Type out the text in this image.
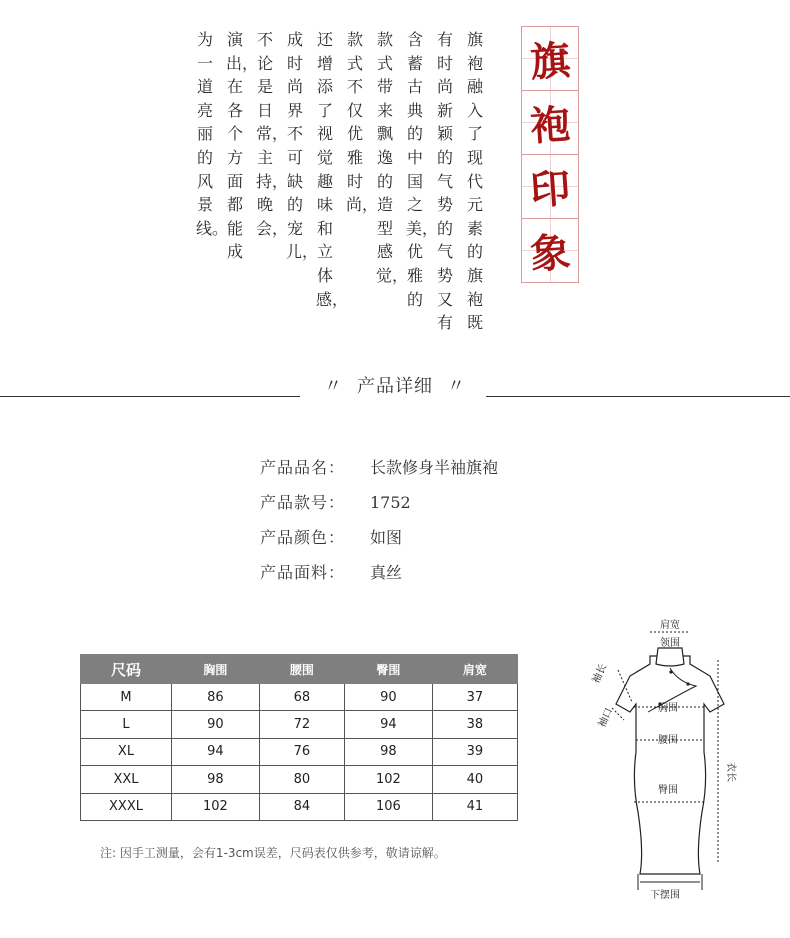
旗袍融入了现代元素的旗袍既
有时尚新颖的气势的气势又有
含蓄古典的中国之美，优雅的
款式带来飘逸的造型感觉，
款式不仅优雅时尚，
还增添了视觉趣味和立体感，
成时尚界不可缺的宠儿，
不论是日常，主持，晚会，
演出，在各个方面都能成
为一道亮丽的风景线。
旗
袍
印
象
〃 产品详细 〃
产品品名： 长款修身半袖旗袍
产品款号： 1752
产品颜色： 如图
产品面料： 真丝
尺码	胸围	腰围	臀围	肩宽
M	86	68	90	37
L	90	72	94	38
XL	94	76	98	39
XXL	98	80	102	40
XXXL	102	84	106	41
注: 因手工测量，会有1-3cm误差，尺码表仅供参考，敬请谅解。
肩宽
领围
袖长
胸围
袖口
腰围
臀围
衣长
下摆围
